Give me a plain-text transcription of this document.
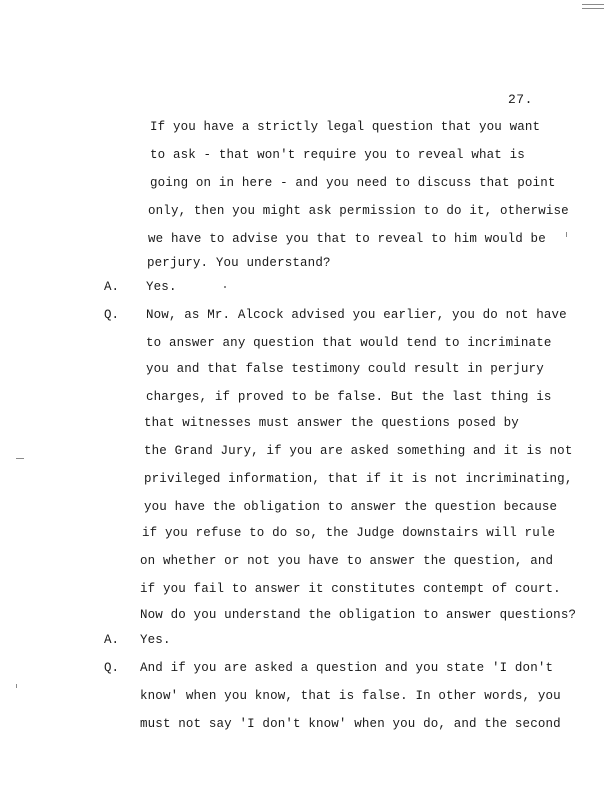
27.
A.
Q.
A.
Q.
If you have a strictly legal question that you want
to ask - that won't require you to reveal what is
going on in here - and you need to discuss that point
only, then you might ask permission to do it, otherwise
we have to advise you that to reveal to him would be
perjury. You understand?
Yes.
Now, as Mr. Alcock advised you earlier, you do not have
to answer any question that would tend to incriminate
you and that false testimony could result in perjury
charges, if proved to be false. But the last thing is
that witnesses must answer the questions posed by
the Grand Jury, if you are asked something and it is not
privileged information, that if it is not incriminating,
you have the obligation to answer the question because
if you refuse to do so, the Judge downstairs will rule
on whether or not you have to answer the question, and
if you fail to answer it constitutes contempt of court.
Now do you understand the obligation to answer questions?
Yes.
And if you are asked a question and you state 'I don't
know' when you know, that is false. In other words, you
must not say 'I don't know' when you do, and the second
